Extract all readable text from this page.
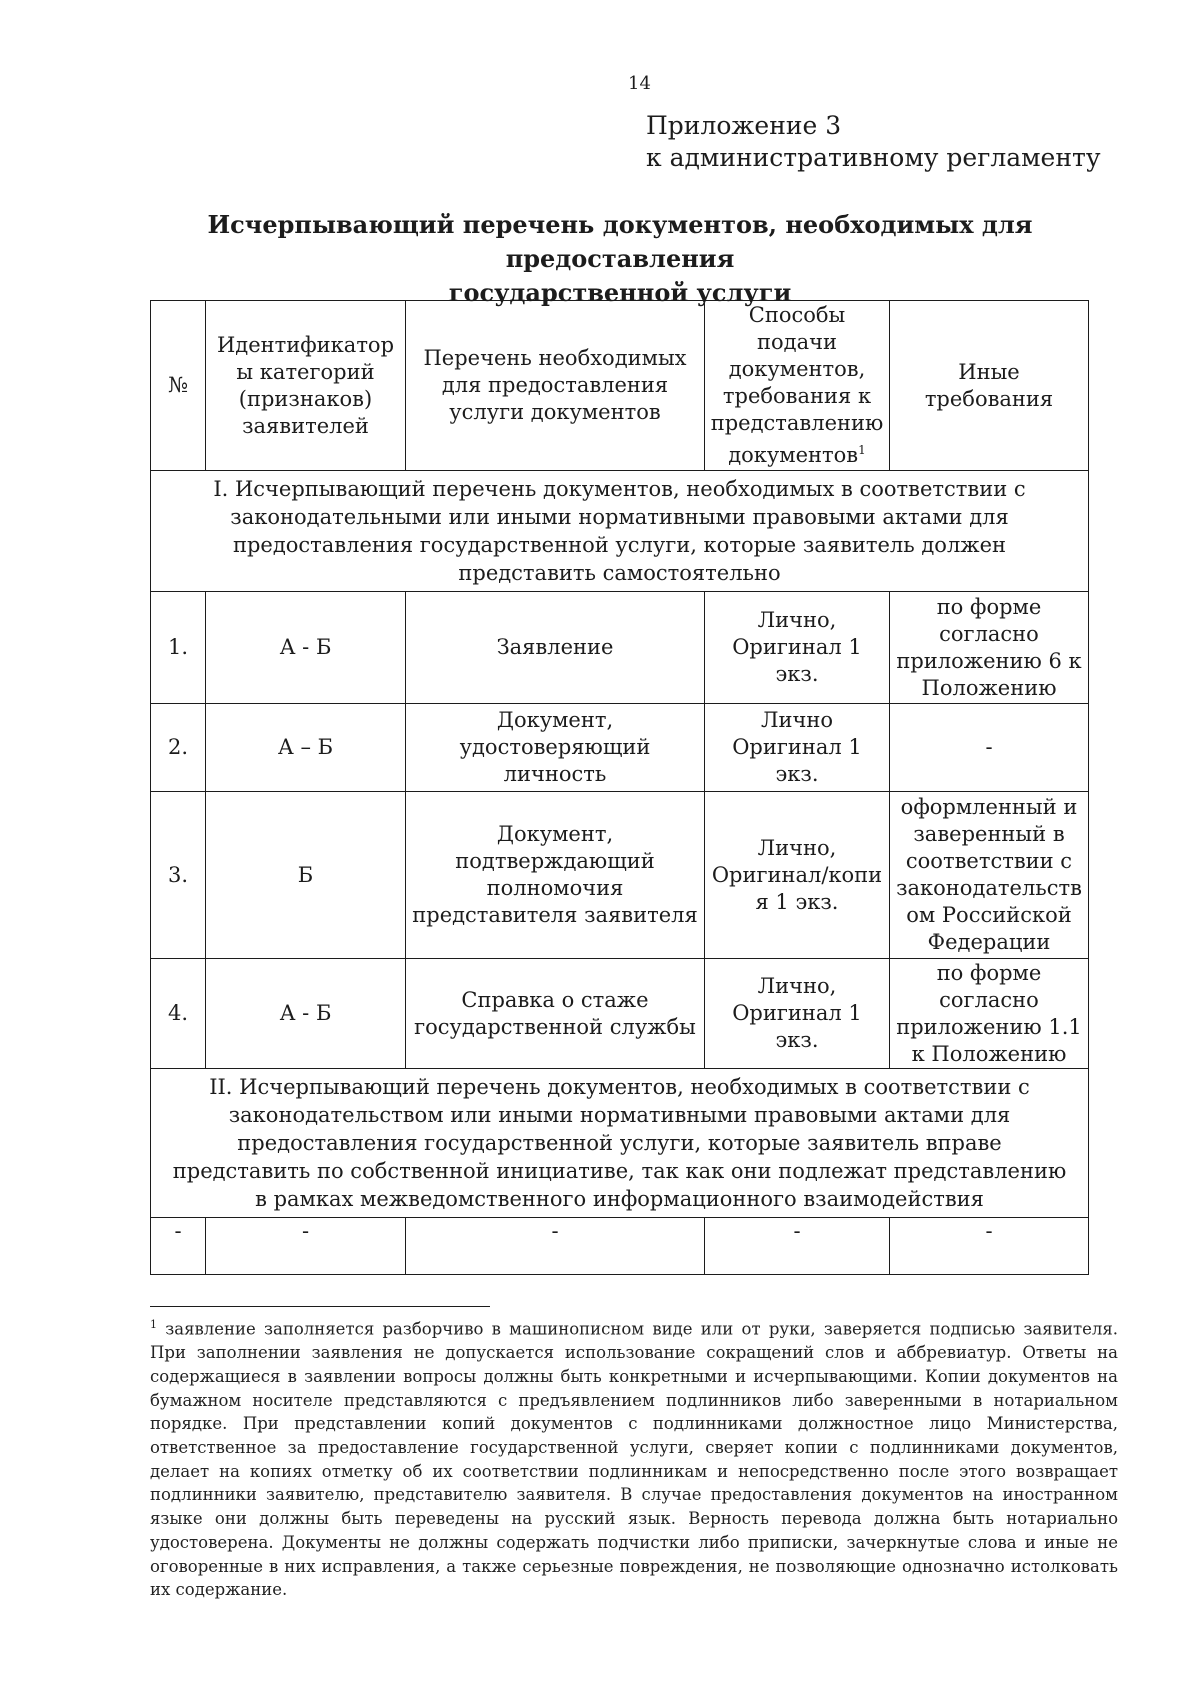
14
Приложение 3
к административному регламенту
Исчерпывающий перечень документов, необходимых для предоставления
государственной услуги
№	Идентификатор ы категорий (признаков) заявителей	Перечень необходимых для предоставления услуги документов	Способы подачи документов, требования к представлению документов$^1$	Иные требования
I. Исчерпывающий перечень документов, необходимых в соответствии с законодательными или иными нормативными правовыми актами для предоставления государственной услуги, которые заявитель должен представить самостоятельно				
1.	А - Б	Заявление	Лично, Оригинал 1 экз.	по форме согласно приложению 6 к Положению
2.	А – Б	Документ, удостоверяющий личность	Лично Оригинал 1 экз.	-
3.	Б	Документ, подтверждающий полномочия представителя заявителя	Лично, Оригинал/копи я 1 экз.	оформленный и заверенный в соответствии с законодательств ом Российской Федерации
4.	А - Б	Справка о стаже государственной службы	Лично, Оригинал 1 экз.	по форме согласно приложению 1.1 к Положению
II. Исчерпывающий перечень документов, необходимых в соответствии с законодательством или иными нормативными правовыми актами для предоставления государственной услуги, которые заявитель вправе представить по собственной инициативе, так как они подлежат представлению в рамках межведомственного информационного взаимодействия				
-	-	-	-	-
$^1$ заявление заполняется разборчиво в машинописном виде или от руки, заверяется подписью заявителя. При заполнении заявления не допускается использование сокращений слов и аббревиатур. Ответы на содержащиеся в заявлении вопросы должны быть конкретными и исчерпывающими. Копии документов на бумажном носителе представляются с предъявлением подлинников либо заверенными в нотариальном порядке. При представлении копий документов с подлинниками должностное лицо Министерства, ответственное за предоставление государственной услуги, сверяет копии с подлинниками документов, делает на копиях отметку об их соответствии подлинникам и непосредственно после этого возвращает подлинники заявителю, представителю заявителя. В случае предоставления документов на иностранном языке они должны быть переведены на русский язык. Верность перевода должна быть нотариально удостоверена. Документы не должны содержать подчистки либо приписки, зачеркнутые слова и иные не оговоренные в них исправления, а также серьезные повреждения, не позволяющие однозначно истолковать их содержание.
